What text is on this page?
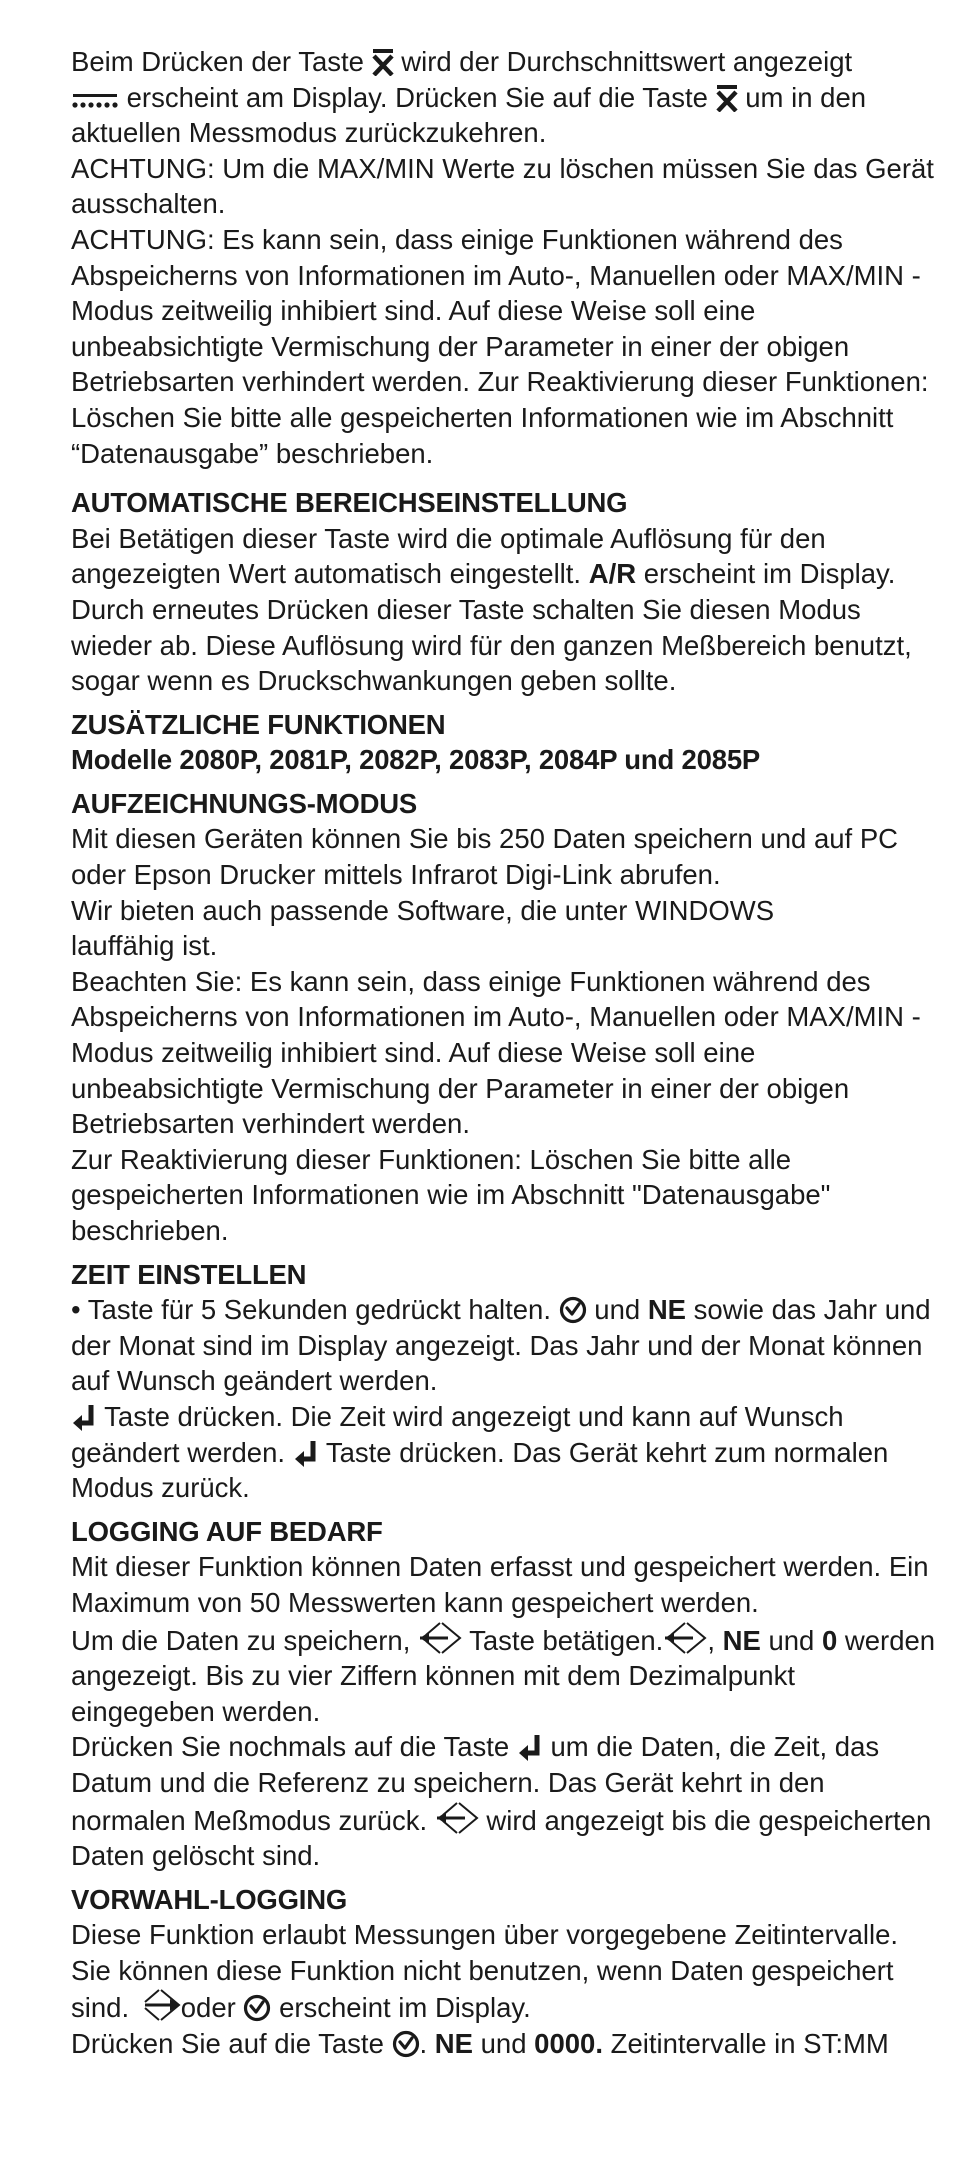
Beim Drücken der Taste wird der Durchschnittswert angezeigt

erscheint am Display. Drücken Sie auf die Taste um in den aktuellen Messmodus zurückzukehren.

ACHTUNG: Um die MAX/MIN Werte zu löschen müssen Sie das Gerät ausschalten.

ACHTUNG: Es kann sein, dass einige Funktionen während des Abspeicherns von Informationen im Auto-, Manuellen oder MAX/MIN -Modus zeitweilig inhibiert sind. Auf diese Weise soll eine unbeabsichtigte Vermischung der Parameter in einer der obigen Betriebsarten verhindert werden. Zur Reaktivierung dieser Funktionen: Löschen Sie bitte alle gespeicherten Informationen wie im Abschnitt “Datenausgabe” beschrieben.

AUTOMATISCHE BEREICHSEINSTELLUNG

Bei Betätigen dieser Taste wird die optimale Auflösung für den angezeigten Wert automatisch eingestellt. A/R erscheint im Display. Durch erneutes Drücken dieser Taste schalten Sie diesen Modus wieder ab. Diese Auflösung wird für den ganzen Meßbereich benutzt, sogar wenn es Druckschwankungen geben sollte.

ZUSÄTZLICHE FUNKTIONEN

Modelle 2080P, 2081P, 2082P, 2083P, 2084P und 2085P

AUFZEICHNUNGS-MODUS

Mit diesen Geräten können Sie bis 250 Daten speichern und auf PC oder Epson Drucker mittels Infrarot Digi-Link abrufen.

Wir bieten auch passende Software, die unter WINDOWS
lauffähig ist.

Beachten Sie: Es kann sein, dass einige Funktionen während des Abspeicherns von Informationen im Auto-, Manuellen oder MAX/MIN -Modus zeitweilig inhibiert sind. Auf diese Weise soll eine unbeabsichtigte Vermischung der Parameter in einer der obigen Betriebsarten verhindert werden.

Zur Reaktivierung dieser Funktionen: Löschen Sie bitte alle gespeicherten Informationen wie im Abschnitt "Datenausgabe" beschrieben.

ZEIT EINSTELLEN

• Taste für 5 Sekunden gedrückt halten. und NE sowie das Jahr und der Monat sind im Display angezeigt. Das Jahr und der Monat können auf Wunsch geändert werden.

Taste drücken. Die Zeit wird angezeigt und kann auf Wunsch geändert werden. Taste drücken. Das Gerät kehrt zum normalen Modus zurück.

LOGGING AUF BEDARF

Mit dieser Funktion können Daten erfasst und gespeichert werden. Ein Maximum von 50 Messwerten kann gespeichert werden.

Um die Daten zu speichern, Taste betätigen. , NE und 0 werden angezeigt. Bis zu vier Ziffern können mit dem Dezimalpunkt eingegeben werden.

Drücken Sie nochmals auf die Taste um die Daten, die Zeit, das Datum und die Referenz zu speichern. Das Gerät kehrt in den normalen Meßmodus zurück. wird angezeigt bis die gespeicherten Daten gelöscht sind.

VORWAHL-LOGGING

Diese Funktion erlaubt Messungen über vorgegebene Zeitintervalle. Sie können diese Funktion nicht benutzen, wenn Daten gespeichert sind. oder erscheint im Display.

Drücken Sie auf die Taste . NE und 0000. Zeitintervalle in ST:MM
